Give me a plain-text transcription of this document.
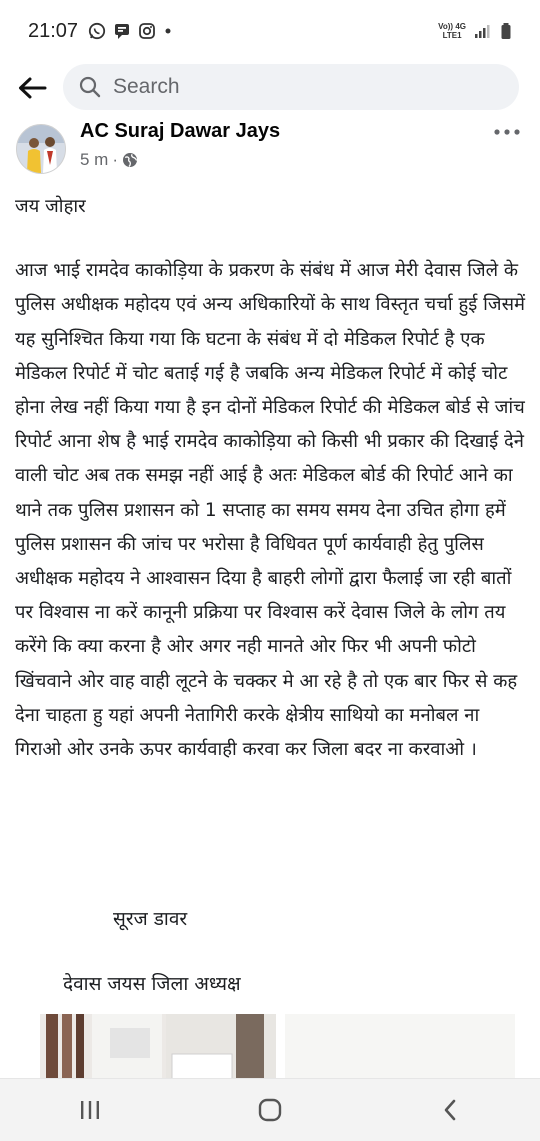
21:07	Vo)) 4G
LTE1
Search
AC Suraj Dawar Jays
5 m ·

जय जोहार

आज भाई रामदेव काकोड़िया के प्रकरण के संबंध में आज मेरी देवास जिले के पुलिस अधीक्षक महोदय एवं अन्य अधिकारियों के साथ विस्तृत चर्चा हुई जिसमें यह सुनिश्चित किया गया कि घटना के संबंध में दो मेडिकल रिपोर्ट है एक मेडिकल रिपोर्ट में चोट बताई गई है जबकि अन्य मेडिकल रिपोर्ट में कोई चोट होना लेख नहीं किया गया है इन दोनों मेडिकल रिपोर्ट की मेडिकल बोर्ड से जांच रिपोर्ट आना शेष है भाई रामदेव काकोड़िया को किसी भी प्रकार की दिखाई देने वाली चोट अब तक समझ नहीं आई है अतः मेडिकल बोर्ड की रिपोर्ट आने का थाने तक पुलिस प्रशासन को 1 सप्ताह का समय समय देना उचित होगा हमें पुलिस प्रशासन की जांच पर भरोसा है विधिवत पूर्ण कार्यवाही हेतु पुलिस अधीक्षक महोदय ने आश्वासन दिया है बाहरी लोगों द्वारा फैलाई जा रही बातों पर विश्वास ना करें कानूनी प्रक्रिया पर विश्वास करें देवास जिले के लोग तय करेंगे कि क्या करना है ओर अगर नही मानते ओर फिर भी अपनी फोटो खिंचवाने ओर वाह वाही लूटने के चक्कर मे आ रहे है तो एक बार फिर से कह देना चाहता हु यहां अपनी नेतागिरी करके क्षेत्रीय साथियो का मनोबल ना गिराओ ओर उनके ऊपर कार्यवाही करवा कर जिला बदर ना करवाओ ।

सूरज डावर
देवास जयस जिला अध्यक्ष
